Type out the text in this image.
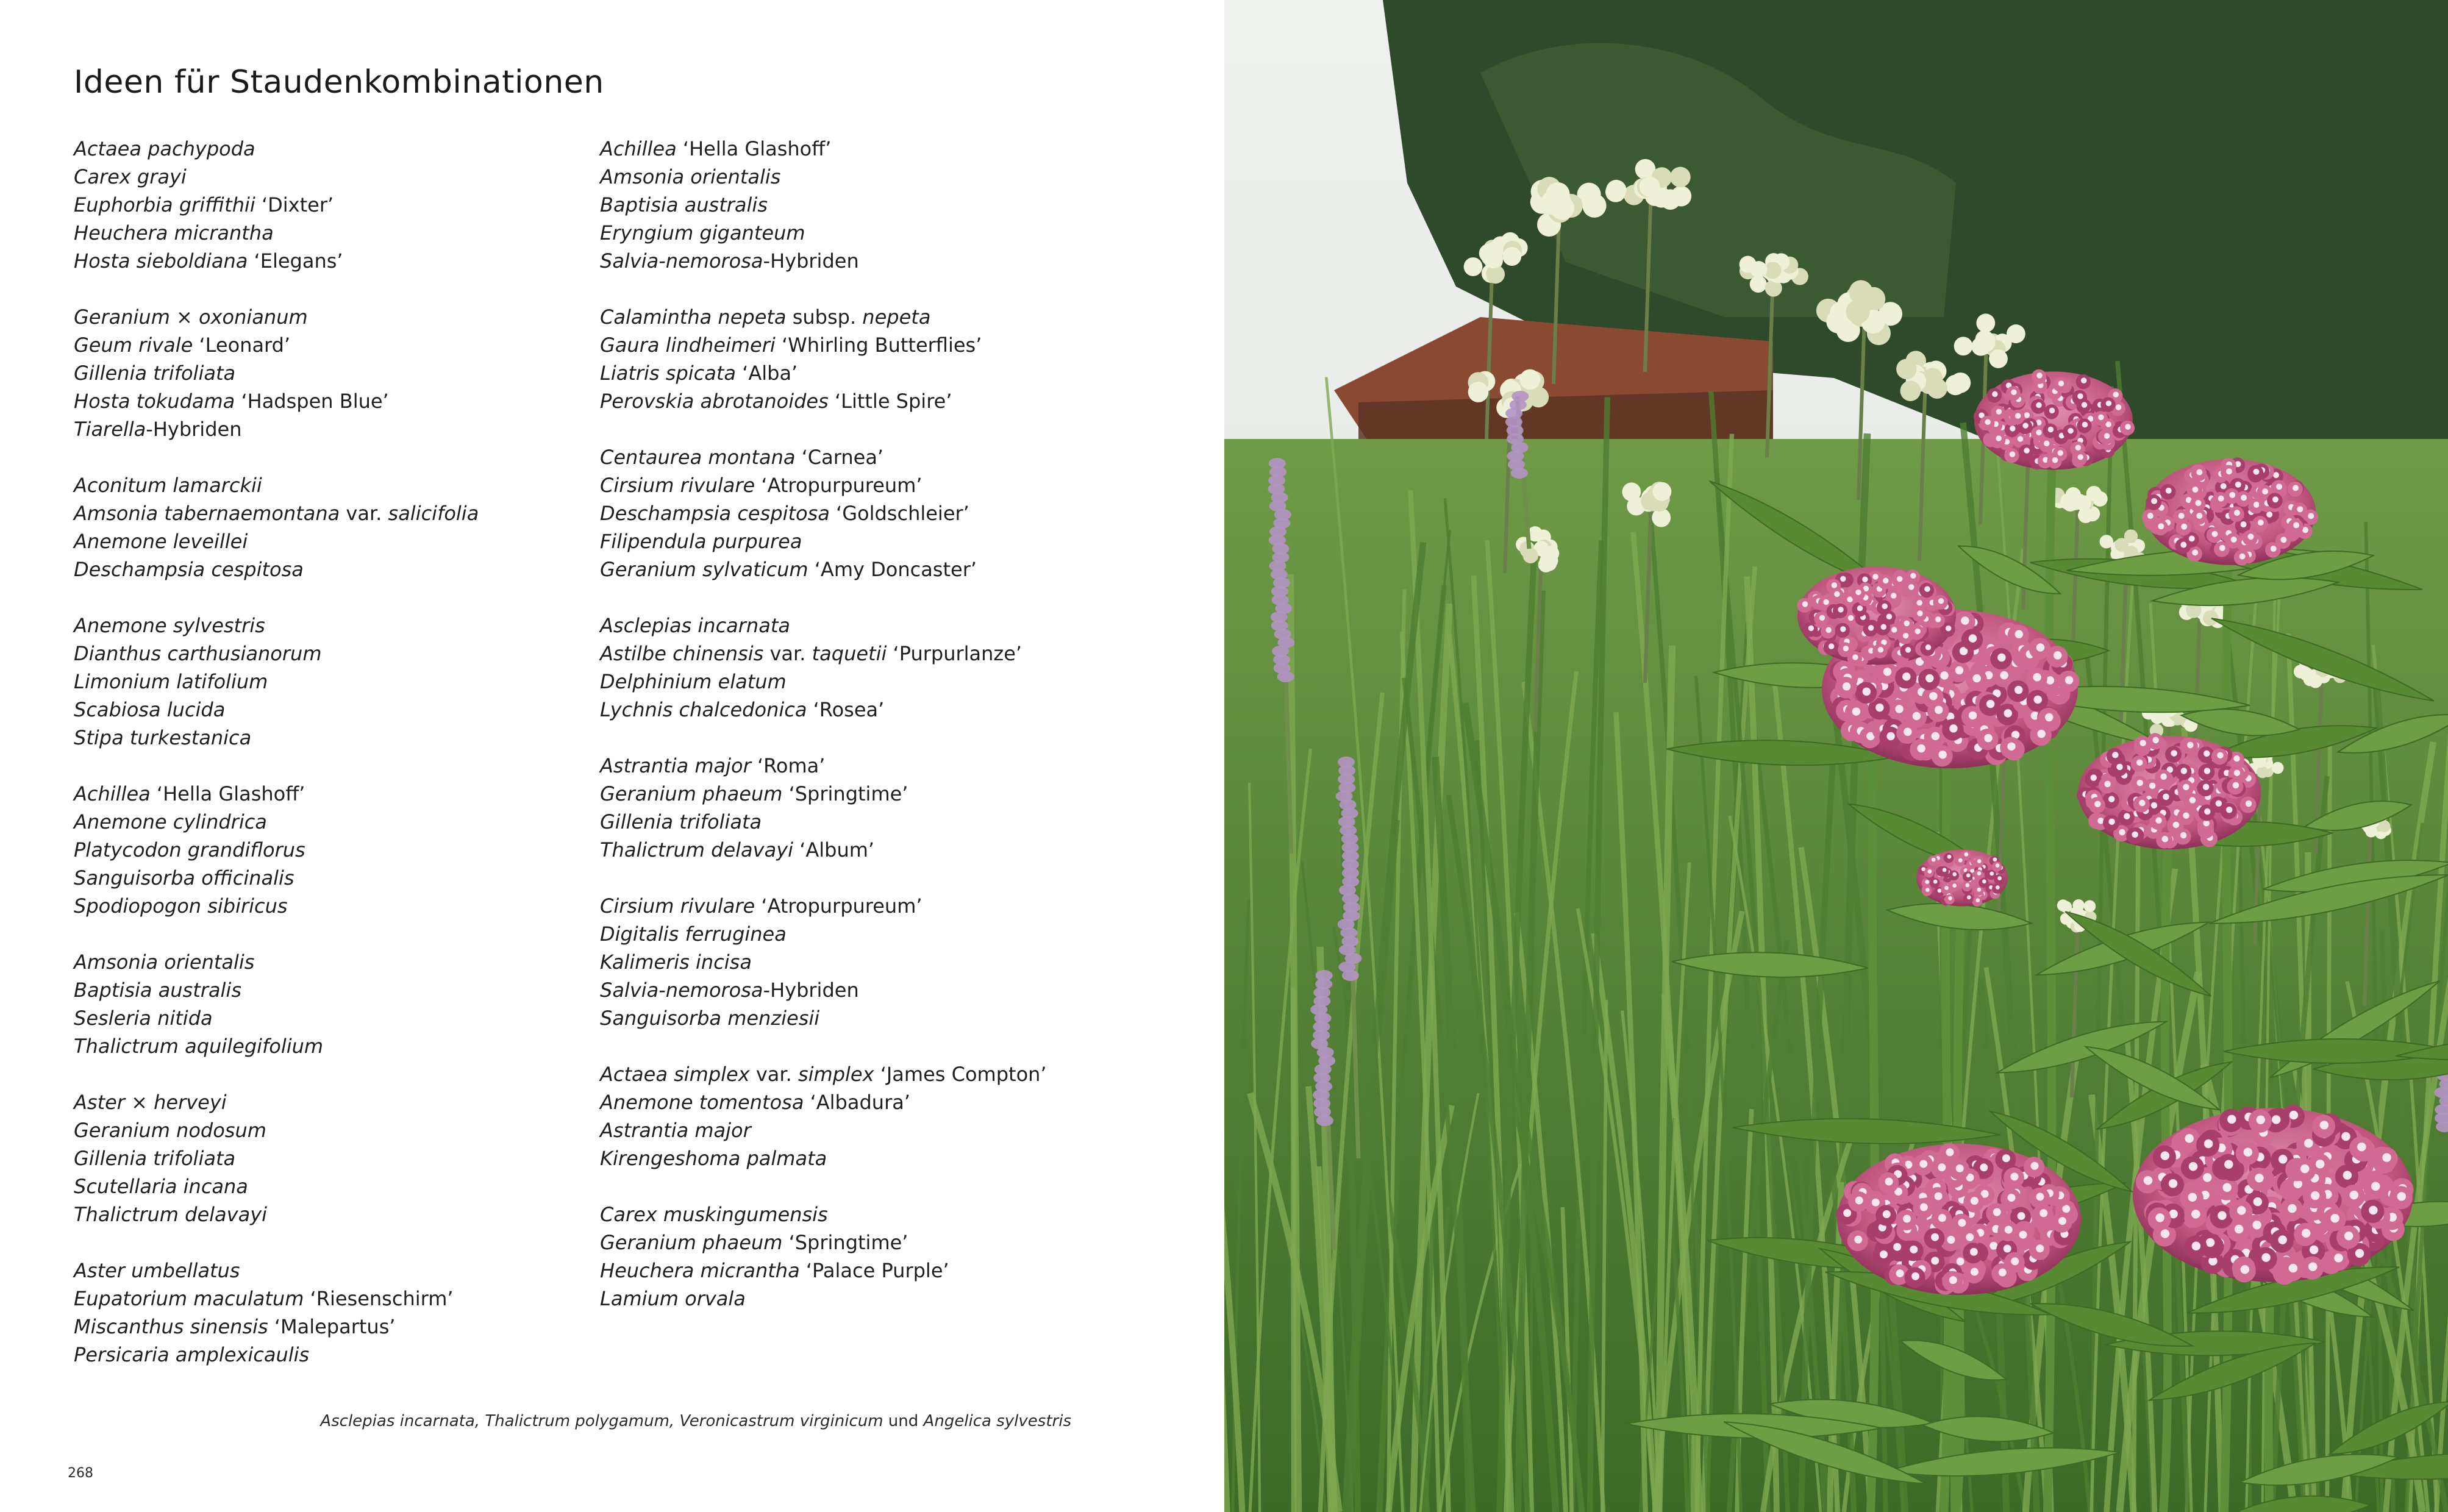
Ideen für Staudenkombinationen
Actaea pachypoda
Carex grayi
Euphorbia griffithii ‘Dixter’
Heuchera micrantha
Hosta sieboldiana ‘Elegans’
Geranium × oxonianum
Geum rivale ‘Leonard’
Gillenia trifoliata
Hosta tokudama ‘Hadspen Blue’
Tiarella-Hybriden
Aconitum lamarckii
Amsonia tabernaemontana var. salicifolia
Anemone leveillei
Deschampsia cespitosa
Anemone sylvestris
Dianthus carthusianorum
Limonium latifolium
Scabiosa lucida
Stipa turkestanica
Achillea ‘Hella Glashoff’
Anemone cylindrica
Platycodon grandiflorus
Sanguisorba officinalis
Spodiopogon sibiricus
Amsonia orientalis
Baptisia australis
Sesleria nitida
Thalictrum aquilegifolium
Aster × herveyi
Geranium nodosum
Gillenia trifoliata
Scutellaria incana
Thalictrum delavayi
Aster umbellatus
Eupatorium maculatum ‘Riesenschirm’
Miscanthus sinensis ‘Malepartus’
Persicaria amplexicaulis
Achillea ‘Hella Glashoff’
Amsonia orientalis
Baptisia australis
Eryngium giganteum
Salvia-nemorosa-Hybriden
Calamintha nepeta subsp. nepeta
Gaura lindheimeri ‘Whirling Butterflies’
Liatris spicata ‘Alba’
Perovskia abrotanoides ‘Little Spire’
Centaurea montana ‘Carnea’
Cirsium rivulare ‘Atropurpureum’
Deschampsia cespitosa ‘Goldschleier’
Filipendula purpurea
Geranium sylvaticum ‘Amy Doncaster’
Asclepias incarnata
Astilbe chinensis var. taquetii ‘Purpurlanze’
Delphinium elatum
Lychnis chalcedonica ‘Rosea’
Astrantia major ‘Roma’
Geranium phaeum ‘Springtime’
Gillenia trifoliata
Thalictrum delavayi ‘Album’
Cirsium rivulare ‘Atropurpureum’
Digitalis ferruginea
Kalimeris incisa
Salvia-nemorosa-Hybriden
Sanguisorba menziesii
Actaea simplex var. simplex ‘James Compton’
Anemone tomentosa ‘Albadura’
Astrantia major
Kirengeshoma palmata
Carex muskingumensis
Geranium phaeum ‘Springtime’
Heuchera micrantha ‘Palace Purple’
Lamium orvala
Asclepias incarnata, Thalictrum polygamum, Veronicastrum virginicum und Angelica sylvestris
268
